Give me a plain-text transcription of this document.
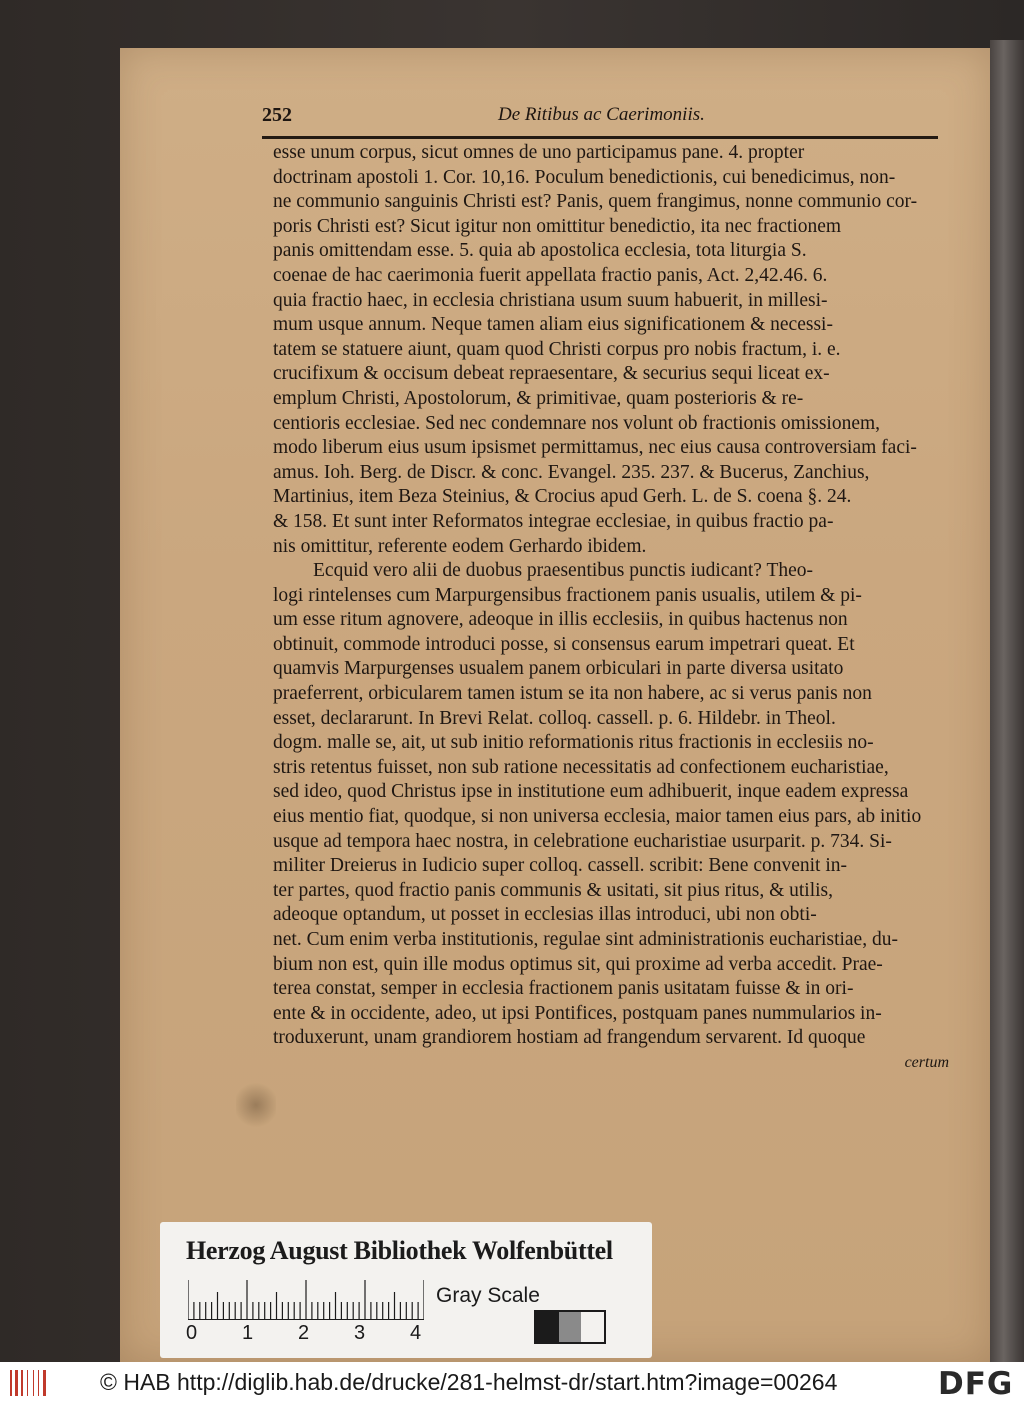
252	De Ritibus ac Caerimoniis.
esse unum corpus, sicut omnes de uno participamus pane. 4. propter
doctrinam apostoli 1. Cor. 10,16. Poculum benedictionis, cui benedicimus, non-
ne communio sanguinis Christi est? Panis, quem frangimus, nonne communio cor-
poris Christi est? Sicut igitur non omittitur benedictio, ita nec fractionem
panis omittendam esse. 5. quia ab apostolica ecclesia, tota liturgia S.
coenae de hac caerimonia fuerit appellata fractio panis, Act. 2,42.46. 6.
quia fractio haec, in ecclesia christiana usum suum habuerit, in millesi-
mum usque annum. Neque tamen aliam eius significationem & necessi-
tatem se statuere aiunt, quam quod Christi corpus pro nobis fractum, i. e.
crucifixum & occisum debeat repraesentare, & securius sequi liceat ex-
emplum Christi, Apostolorum, & primitivae, quam posterioris & re-
centioris ecclesiae. Sed nec condemnare nos volunt ob fractionis omissionem,
modo liberum eius usum ipsismet permittamus, nec eius causa controversiam faci-
amus. Ioh. Berg. de Discr. & conc. Evangel. 235. 237. & Bucerus, Zanchius,
Martinius, item Beza Steinius, & Crocius apud Gerh. L. de S. coena §. 24.
& 158. Et sunt inter Reformatos integrae ecclesiae, in quibus fractio pa-
nis omittitur, referente eodem Gerhardo ibidem.
Ecquid vero alii de duobus praesentibus punctis iudicant? Theo-
logi rintelenses cum Marpurgensibus fractionem panis usualis, utilem & pi-
um esse ritum agnovere, adeoque in illis ecclesiis, in quibus hactenus non
obtinuit, commode introduci posse, si consensus earum impetrari queat. Et
quamvis Marpurgenses usualem panem orbiculari in parte diversa usitato
praeferrent, orbicularem tamen istum se ita non habere, ac si verus panis non
esset, declararunt. In Brevi Relat. colloq. cassell. p. 6. Hildebr. in Theol.
dogm. malle se, ait, ut sub initio reformationis ritus fractionis in ecclesiis no-
stris retentus fuisset, non sub ratione necessitatis ad confectionem eucharistiae,
sed ideo, quod Christus ipse in institutione eum adhibuerit, inque eadem expressa
eius mentio fiat, quodque, si non universa ecclesia, maior tamen eius pars, ab initio
usque ad tempora haec nostra, in celebratione eucharistiae usurparit. p. 734. Si-
militer Dreierus in Iudicio super colloq. cassell. scribit: Bene convenit in-
ter partes, quod fractio panis communis & usitati, sit pius ritus, & utilis,
adeoque optandum, ut posset in ecclesias illas introduci, ubi non obti-
net. Cum enim verba institutionis, regulae sint administrationis eucharistiae, du-
bium non est, quin ille modus optimus sit, qui proxime ad verba accedit. Prae-
terea constat, semper in ecclesia fractionem panis usitatam fuisse & in ori-
ente & in occidente, adeo, ut ipsi Pontifices, postquam panes nummularios in-
troduxerunt, unam grandiorem hostiam ad frangendum servarent. Id quoque
certum
Herzog August Bibliothek Wolfenbüttel
0 1 2 3 4
Gray Scale
© HAB http://diglib.hab.de/drucke/281-helmst-dr/start.htm?image=00264	DFG
